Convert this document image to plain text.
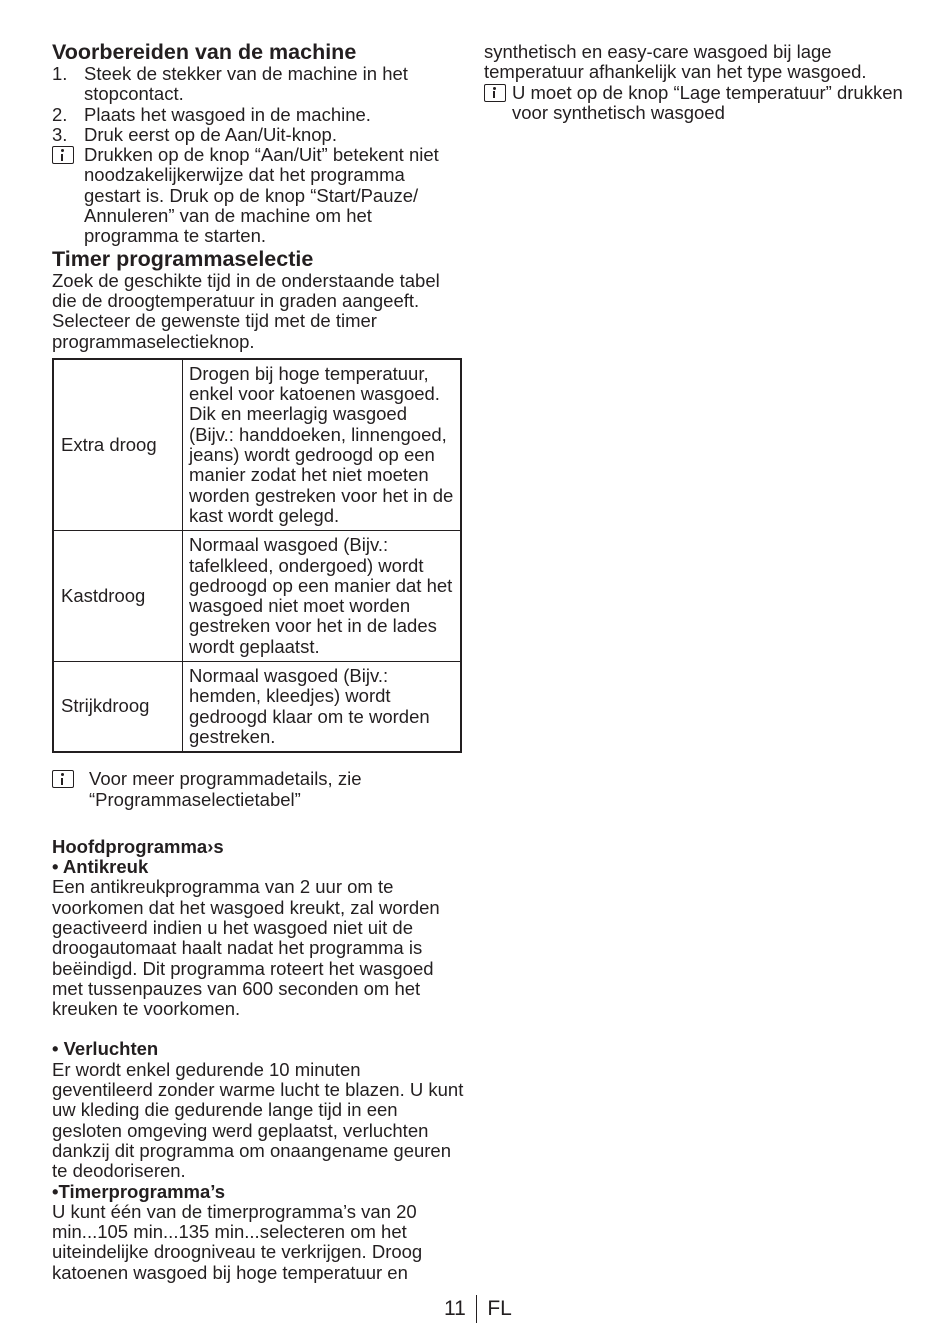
Voorbereiden van de machine
1. Steek de stekker van de machine in het stopcontact.
2. Plaats het wasgoed in de machine.
3. Druk eerst op de Aan/Uit-knop.

Drukken op de knop “Aan/Uit” betekent niet noodzakelijkerwijze dat het programma gestart is. Druk op de knop “Start/Pauze/ Annuleren” van de machine om het programma te starten.

Timer programmaselectie

Zoek de geschikte tijd in de onderstaande tabel die de droogtemperatuur in graden aangeeft. Selecteer de gewenste tijd met de timer programmaselectieknop.

Extra droog	Drogen bij hoge temperatuur, enkel voor katoenen wasgoed. Dik en meerlagig wasgoed (Bijv.: handdoeken, linnengoed, jeans) wordt gedroogd op een manier zodat het niet moeten worden gestreken voor het in de kast wordt gelegd.
Kastdroog	Normaal wasgoed (Bijv.: tafelkleed, ondergoed) wordt gedroogd op een manier dat het wasgoed niet moet worden gestreken voor het in de lades wordt geplaatst.
Strijkdroog	Normaal wasgoed (Bijv.: hemden, kleedjes) wordt gedroogd klaar om te worden gestreken.

Voor meer programmadetails, zie “Programmaselectietabel”

Hoofdprogramma›s
• Antikreuk

Een antikreukprogramma van 2 uur om te voorkomen dat het wasgoed kreukt, zal worden geactiveerd indien u het wasgoed niet uit de droogautomaat haalt nadat het programma is beëindigd. Dit programma roteert het wasgoed met tussenpauzes van 600 seconden om het kreuken te voorkomen.

• Verluchten

Er wordt enkel gedurende 10 minuten geventileerd zonder warme lucht te blazen. U kunt uw kleding die gedurende lange tijd in een gesloten omgeving werd geplaatst, verluchten dankzij dit programma om onaangename geuren te deodoriseren.

•Timerprogramma’s

U kunt één van de timerprogramma’s van 20 min...105 min...135 min...selecteren om het uiteindelijke droogniveau te verkrijgen. Droog katoenen wasgoed bij hoge temperatuur en

synthetisch en easy-care wasgoed bij lage temperatuur afhankelijk van het type wasgoed.

U moet op de knop “Lage temperatuur” drukken voor synthetisch wasgoed

11 FL
